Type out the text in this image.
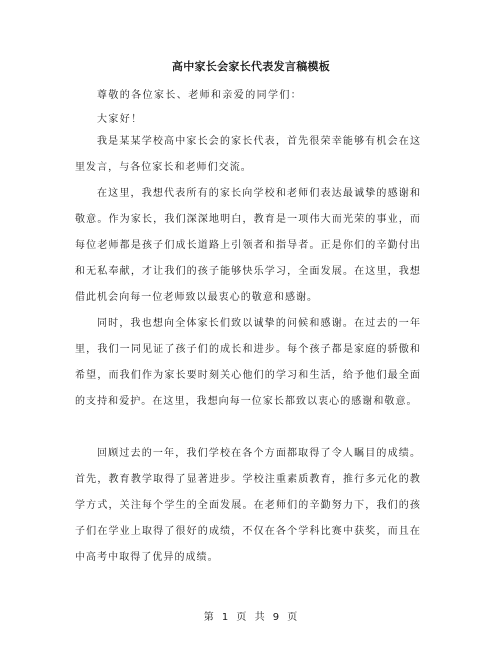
高中家长会家长代表发言稿模板
尊敬的各位家长、老师和亲爱的同学们：
大家好！

我是某某学校高中家长会的家长代表，首先很荣幸能够有机会在这里发言，与各位家长和老师们交流。

在这里，我想代表所有的家长向学校和老师们表达最诚挚的感谢和敬意。作为家长，我们深深地明白，教育是一项伟大而光荣的事业，而每位老师都是孩子们成长道路上引领者和指导者。正是你们的辛勤付出和无私奉献，才让我们的孩子能够快乐学习，全面发展。在这里，我想借此机会向每一位老师致以最衷心的敬意和感谢。

同时，我也想向全体家长们致以诚挚的问候和感谢。在过去的一年里，我们一同见证了孩子们的成长和进步。每个孩子都是家庭的骄傲和希望，而我们作为家长要时刻关心他们的学习和生活，给予他们最全面的支持和爱护。在这里，我想向每一位家长都致以衷心的感谢和敬意。

回顾过去的一年，我们学校在各个方面都取得了令人瞩目的成绩。首先，教育教学取得了显著进步。学校注重素质教育，推行多元化的教学方式，关注每个学生的全面发展。在老师们的辛勤努力下，我们的孩子们在学业上取得了很好的成绩，不仅在各个学科比赛中获奖，而且在中高考中取得了优异的成绩。

第 1 页 共 9 页
